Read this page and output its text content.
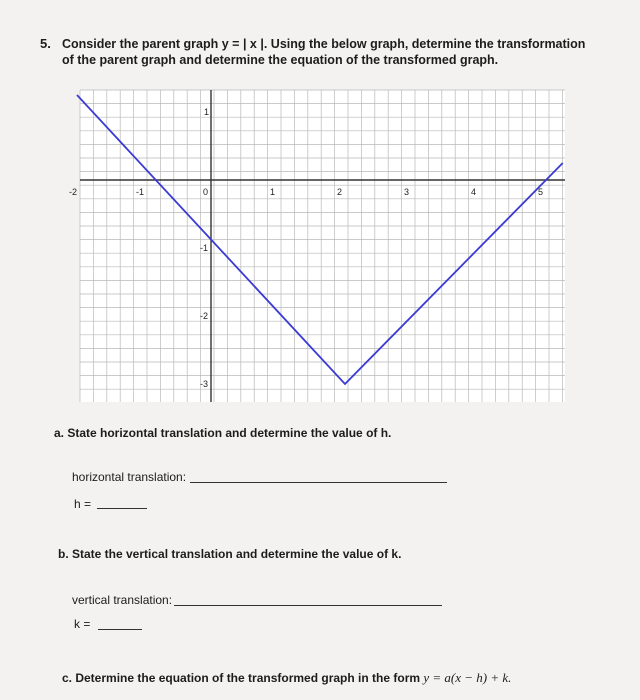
5. Consider the parent graph y = | x |. Using the below graph, determine the transformation
of the parent graph and determine the equation of the transformed graph.
-2	-1	0	1	2	3	4	5
1
-1
-2
-3
a. State horizontal translation and determine the value of h.
horizontal translation:
h =
b. State the vertical translation and determine the value of k.
vertical translation:
k =
c. Determine the equation of the transformed graph in the form y = a(x − h) + k.
